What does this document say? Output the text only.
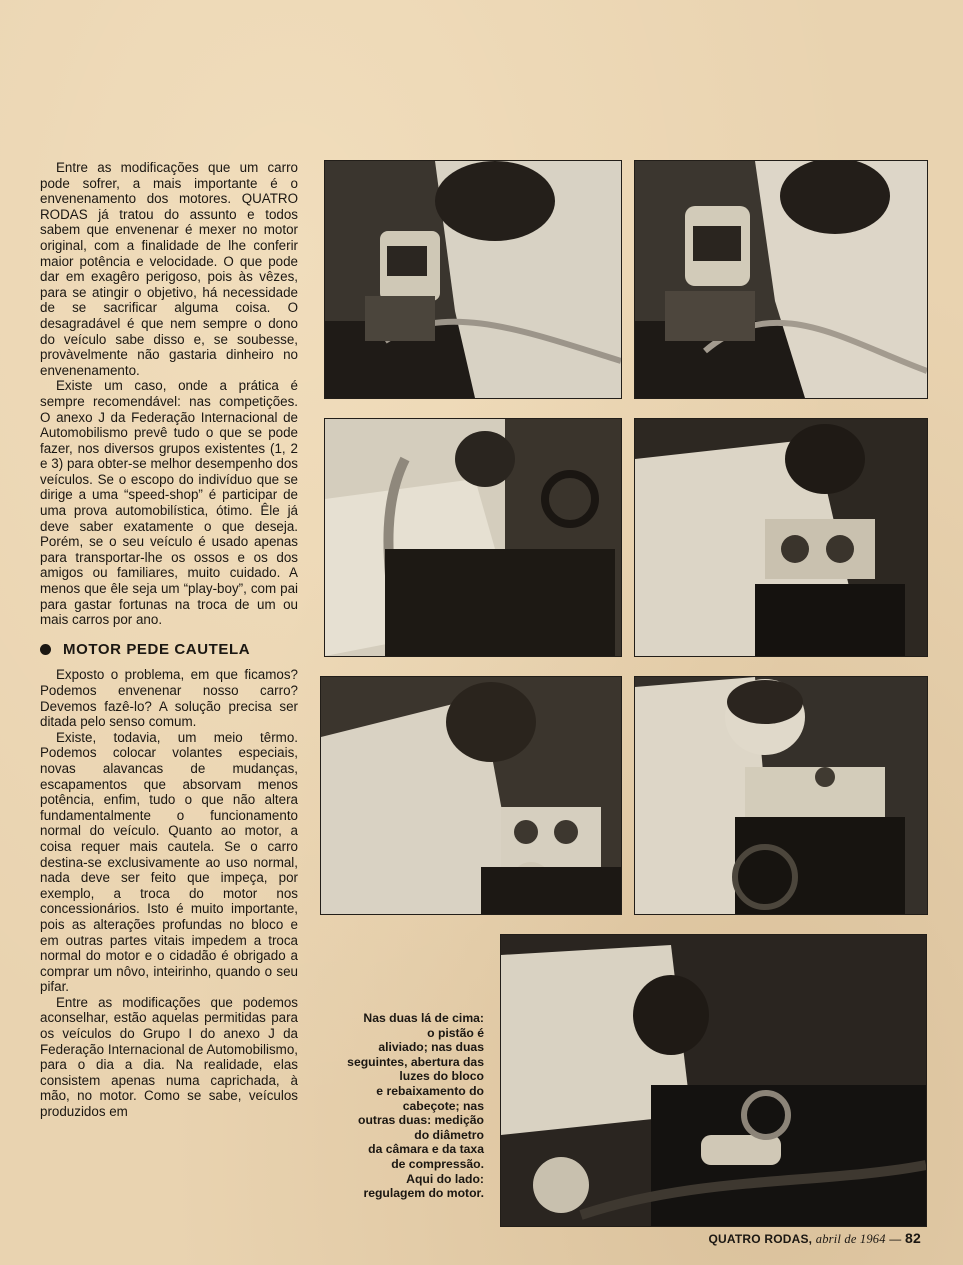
Entre as modificações que um carro pode sofrer, a mais importante é o envenenamento dos motores. QUATRO RODAS já tratou do assunto e todos sabem que envenenar é mexer no motor original, com a finalidade de lhe conferir maior potência e velocidade. O que pode dar em exagêro perigoso, pois às vêzes, para se atingir o objetivo, há necessidade de se sacrificar alguma coisa. O desagradável é que nem sempre o dono do veículo sabe disso e, se soubesse, provàvelmente não gastaria dinheiro no envenenamento.

Existe um caso, onde a prática é sempre recomendável: nas competições. O anexo J da Federação Internacional de Automobilismo prevê tudo o que se pode fazer, nos diversos grupos existentes (1, 2 e 3) para obter-se melhor desempenho dos veículos. Se o escopo do indivíduo que se dirige a uma “speed-shop” é participar de uma prova automobilística, ótimo. Êle já deve saber exatamente o que deseja. Porém, se o seu veículo é usado apenas para transportar-lhe os ossos e os dos amigos ou familiares, muito cuidado. A menos que êle seja um “play-boy”, com pai para gastar fortunas na troca de um ou mais carros por ano.

MOTOR PEDE CAUTELA

Exposto o problema, em que ficamos? Podemos envenenar nosso carro? Devemos fazê-lo? A solução precisa ser ditada pelo senso comum.

Existe, todavia, um meio têrmo. Podemos colocar volantes especiais, novas alavancas de mudanças, escapamentos que absorvam menos potência, enfim, tudo o que não altera fundamentalmente o funcionamento normal do veículo. Quanto ao motor, a coisa requer mais cautela. Se o carro destina-se exclusivamente ao uso normal, nada deve ser feito que impeça, por exemplo, a troca do motor nos concessionários. Isto é muito importante, pois as alterações profundas no bloco e em outras partes vitais impedem a troca normal do motor e o cidadão é obrigado a comprar um nôvo, inteirinho, quando o seu pifar.

Entre as modificações que podemos aconselhar, estão aquelas permitidas para os veículos do Grupo I do anexo J da Federação Internacional de Automobilismo, para o dia a dia. Na realidade, elas consistem apenas numa caprichada, à mão, no motor. Como se sabe, veículos produzidos em

Nas duas lá de cima:
o pistão é
aliviado; nas duas
seguintes, abertura das
luzes do bloco
e rebaixamento do
cabeçote; nas
outras duas: medição
do diâmetro
da câmara e da taxa
de compressão.
Aqui do lado:
regulagem do motor.
QUATRO RODAS, abril de 1964 — 82
